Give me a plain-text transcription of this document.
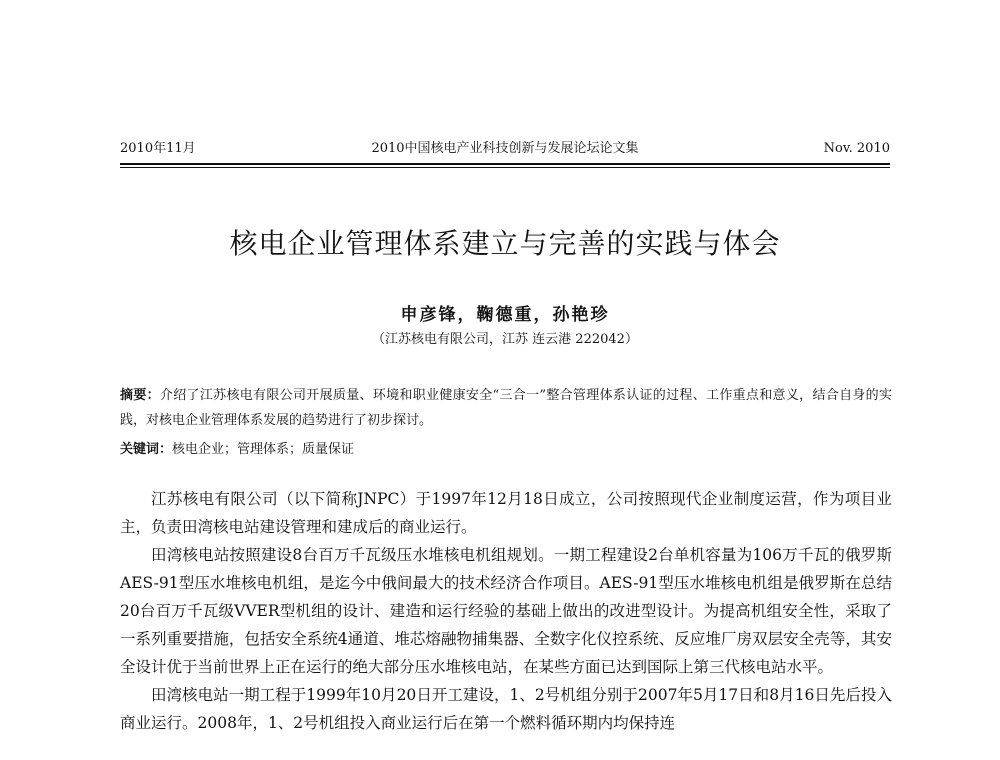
2010年11月	2010中国核电产业科技创新与发展论坛论文集	Nov. 2010
核电企业管理体系建立与完善的实践与体会
申彦锋，鞠德重，孙艳珍
（江苏核电有限公司，江苏 连云港 222042）
摘要：介绍了江苏核电有限公司开展质量、环境和职业健康安全“三合一”整合管理体系认证的过程、工作重点和意义，结合自身的实践，对核电企业管理体系发展的趋势进行了初步探讨。
关键词：核电企业；管理体系；质量保证

江苏核电有限公司（以下简称JNPC）于1997年12月18日成立，公司按照现代企业制度运营，作为项目业主，负责田湾核电站建设管理和建成后的商业运行。

田湾核电站按照建设8台百万千瓦级压水堆核电机组规划。一期工程建设2台单机容量为106万千瓦的俄罗斯AES-91型压水堆核电机组，是迄今中俄间最大的技术经济合作项目。AES-91型压水堆核电机组是俄罗斯在总结20台百万千瓦级VVER型机组的设计、建造和运行经验的基础上做出的改进型设计。为提高机组安全性，采取了一系列重要措施，包括安全系统4通道、堆芯熔融物捕集器、全数字化仪控系统、反应堆厂房双层安全壳等，其安全设计优于当前世界上正在运行的绝大部分压水堆核电站，在某些方面已达到国际上第三代核电站水平。

田湾核电站一期工程于1999年10月20日开工建设，1、2号机组分别于2007年5月17日和8月16日先后投入商业运行。2008年，1、2号机组投入商业运行后在第一个燃料循环期内均保持连
